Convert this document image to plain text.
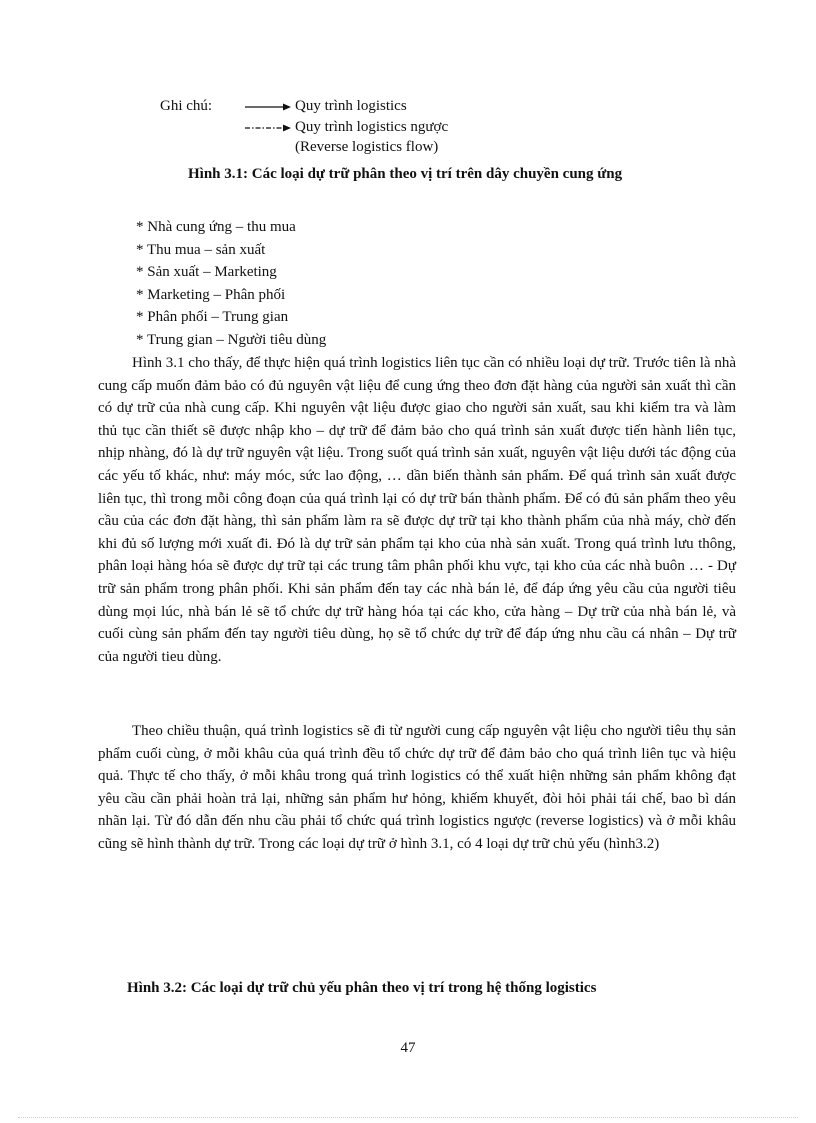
Ghi chú:	Quy trình logistics
Quy trình logistics ngược
(Reverse logistics flow)
Hình 3.1: Các loại dự trữ phân theo vị trí trên dây chuyền cung ứng
* Nhà cung ứng – thu mua
* Thu mua – sản xuất
* Sản xuất – Marketing
* Marketing – Phân phối
* Phân phối – Trung gian
* Trung gian – Người tiêu dùng

Hình 3.1 cho thấy, để thực hiện quá trình logistics liên tục cần có nhiều loại dự trữ. Trước tiên là nhà cung cấp muốn đảm bảo có đủ nguyên vật liệu để cung ứng theo đơn đặt hàng của người sản xuất thì cần có dự trữ của nhà cung cấp. Khi nguyên vật liệu được giao cho người sản xuất, sau khi kiểm tra và làm thủ tục cần thiết sẽ được nhập kho – dự trữ để đảm bảo cho quá trình sản xuất được tiến hành liên tục, nhịp nhàng, đó là dự trữ nguyên vật liệu. Trong suốt quá trình sản xuất, nguyên vật liệu dưới tác động của các yếu tố khác, như: máy móc, sức lao động, … dần biến thành sản phẩm. Để quá trình sản xuất được liên tục, thì trong mỗi công đoạn của quá trình lại có dự trữ bán thành phẩm. Để có đủ sản phẩm theo yêu cầu của các đơn đặt hàng, thì sản phẩm làm ra sẽ được dự trữ tại kho thành phẩm của nhà máy, chờ đến khi đủ số lượng mới xuất đi. Đó là dự trữ sản phẩm tại kho của nhà sản xuất. Trong quá trình lưu thông, phân loại hàng hóa sẽ được dự trữ tại các trung tâm phân phối khu vực, tại kho của các nhà buôn … - Dự trữ sản phẩm trong phân phối. Khi sản phẩm đến tay các nhà bán lẻ, để đáp ứng yêu cầu của người tiêu dùng mọi lúc, nhà bán lẻ sẽ tổ chức dự trữ hàng hóa tại các kho, cửa hàng – Dự trữ của nhà bán lẻ, và cuối cùng sản phẩm đến tay người tiêu dùng, họ sẽ tổ chức dự trữ để đáp ứng nhu cầu cá nhân – Dự trữ của người tieu dùng.

Theo chiều thuận, quá trình logistics sẽ đi từ người cung cấp nguyên vật liệu cho người tiêu thụ sản phẩm cuối cùng, ở mỗi khâu của quá trình đều tổ chức dự trữ để đảm bảo cho quá trình liên tục và hiệu quả. Thực tế cho thấy, ở mỗi khâu trong quá trình logistics có thể xuất hiện những sản phẩm không đạt yêu cầu cần phải hoàn trả lại, những sản phẩm hư hỏng, khiếm khuyết, đòi hỏi phải tái chế, bao bì dán nhãn lại. Từ đó dẫn đến nhu cầu phải tổ chức quá trình logistics ngược (reverse logistics) và ở mỗi khâu cũng sẽ hình thành dự trữ. Trong các loại dự trữ ở hình 3.1, có 4 loại dự trữ chủ yếu (hình3.2)

Hình 3.2: Các loại dự trữ chủ yếu phân theo vị trí trong hệ thống logistics
47
